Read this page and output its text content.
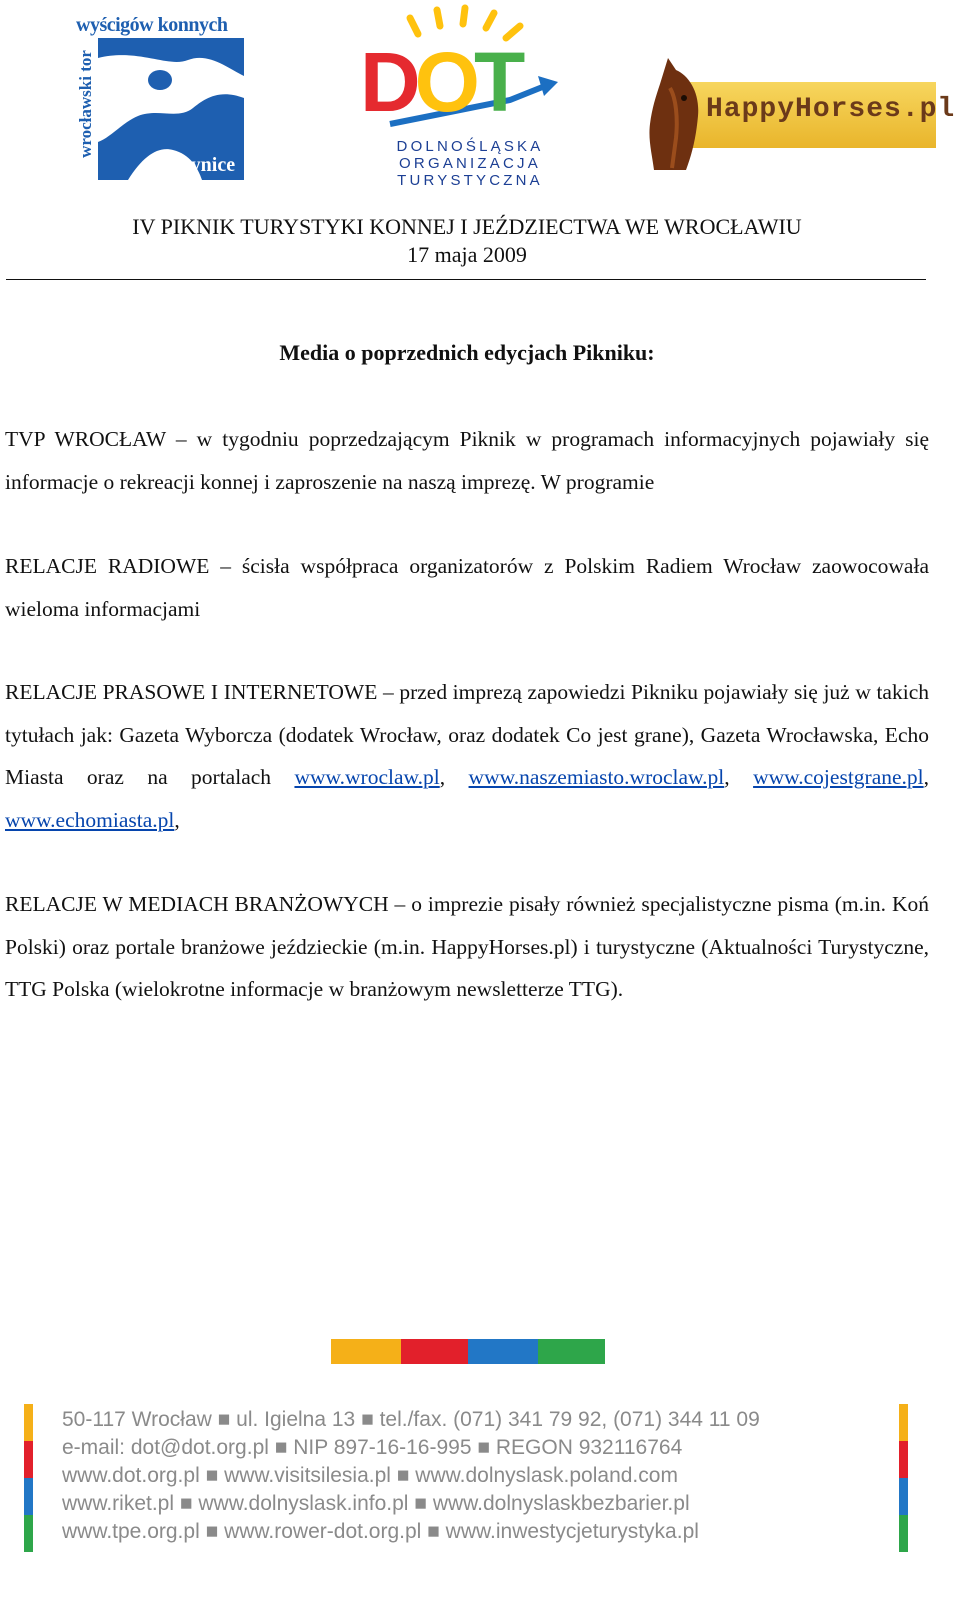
wyścigów konnych
wrocławski tor
partynice
DOT
DOLNOŚLĄSKA
ORGANIZACJA
TURYSTYCZNA
HappyHorses.pl
IV PIKNIK TURYSTYKI KONNEJ I JEŹDZIECTWA WE WROCŁAWIU
17 maja 2009
Media o poprzednich edycjach Pikniku:

TVP WROCŁAW – w tygodniu poprzedzającym Piknik w programach informacyjnych pojawiały się informacje o rekreacji konnej i zaproszenie na naszą imprezę. W programie

RELACJE RADIOWE – ścisła współpraca organizatorów z Polskim Radiem Wrocław zaowocowała wieloma informacjami

RELACJE PRASOWE I INTERNETOWE – przed imprezą zapowiedzi Pikniku pojawiały się już w takich tytułach jak: Gazeta Wyborcza (dodatek Wrocław, oraz dodatek Co jest grane), Gazeta Wrocławska, Echo Miasta oraz na portalach www.wroclaw.pl, www.naszemiasto.wroclaw.pl, www.cojestgrane.pl, www.echomiasta.pl,

RELACJE W MEDIACH BRANŻOWYCH – o imprezie pisały również specjalistyczne pisma (m.in. Koń Polski) oraz portale branżowe jeździeckie (m.in. HappyHorses.pl) i turystyczne (Aktualności Turystyczne, TTG Polska (wielokrotne informacje w branżowym newsletterze TTG).

50-117 Wrocław ■ ul. Igielna 13 ■ tel./fax. (071) 341 79 92, (071) 344 11 09
e-mail: dot@dot.org.pl ■ NIP 897-16-16-995 ■ REGON 932116764
www.dot.org.pl ■ www.visitsilesia.pl ■ www.dolnyslask.poland.com
www.riket.pl ■ www.dolnyslask.info.pl ■ www.dolnyslaskbezbarier.pl
www.tpe.org.pl ■ www.rower-dot.org.pl ■ www.inwestycjeturystyka.pl
